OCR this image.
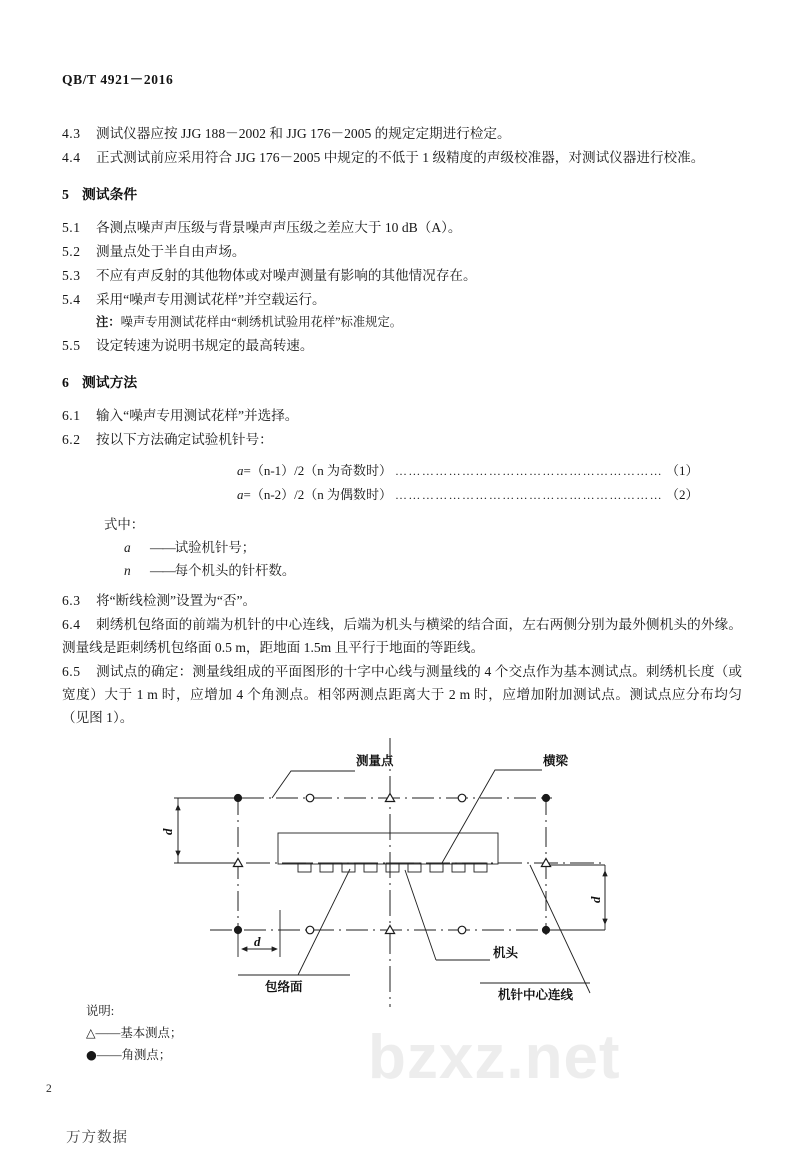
bzxz.net
QB/T 4921－2016

4.3 测试仪器应按 JJG 188－2002 和 JJG 176－2005 的规定定期进行检定。

4.4 正式测试前应采用符合 JJG 176－2005 中规定的不低于 1 级精度的声级校准器，对测试仪器进行校准。

5 测试条件

5.1 各测点噪声声压级与背景噪声声压级之差应大于 10 dB（A）。

5.2 测量点处于半自由声场。

5.3 不应有声反射的其他物体或对噪声测量有影响的其他情况存在。

5.4 采用“噪声专用测试花样”并空载运行。

注：噪声专用测试花样由“刺绣机试验用花样”标准规定。

5.5 设定转速为说明书规定的最高转速。

6 测试方法

6.1 输入“噪声专用测试花样”并选择。

6.2 按以下方法确定试验机针号：

a=（n-1）/2（n 为奇数时） …………………………………………………… （1）
a=（n-2）/2（n 为偶数时） …………………………………………………… （2）
式中：
a ——试验机针号；
n ——每个机头的针杆数。

6.3 将“断线检测”设置为“否”。

6.4 刺绣机包络面的前端为机针的中心连线，后端为机头与横梁的结合面，左右两侧分别为最外侧机头的外缘。测量线是距刺绣机包络面 0.5 m，距地面 1.5m 且平行于地面的等距线。

6.5 测试点的确定：测量线组成的平面图形的十字中心线与测量线的 4 个交点作为基本测试点。刺绣机长度（或宽度）大于 1 m 时，应增加 4 个角测点。相邻两测点距离大于 2 m 时，应增加附加测试点。测试点应分布均匀（见图 1）。

测量点	横梁
包络面
机头
机针中心连线
d
d
d
说明:
△——基本测点；
●——角测点；
2
万方数据
